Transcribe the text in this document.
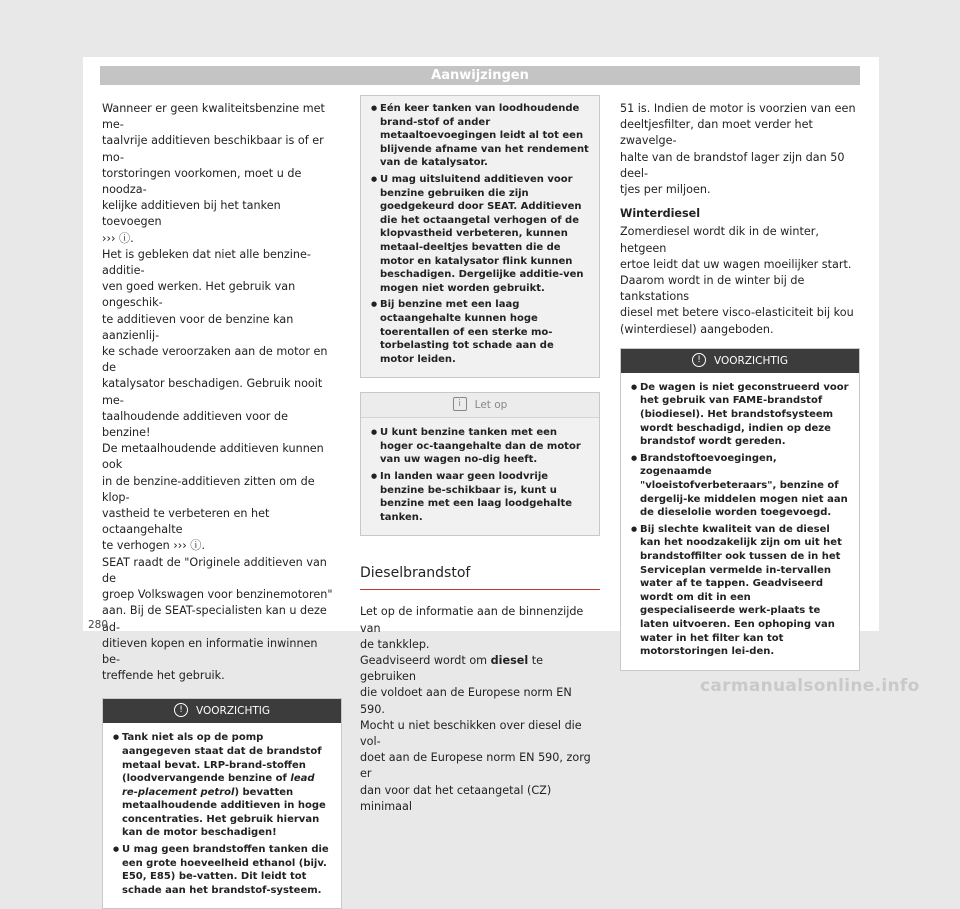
Aanwijzingen

Wanneer er geen kwaliteitsbenzine met me-
taalvrije additieven beschikbaar is of er mo-
torstoringen voorkomen, moet u de noodza-
kelijke additieven bij het tanken toevoegen
››› ⓘ.

Het is gebleken dat niet alle benzine-additie-
ven goed werken. Het gebruik van ongeschik-
te additieven voor de benzine kan aanzienlij-
ke schade veroorzaken aan de motor en de
katalysator beschadigen. Gebruik nooit me-
taalhoudende additieven voor de benzine!
De metaalhoudende additieven kunnen ook
in de benzine-additieven zitten om de klop-
vastheid te verbeteren en het octaangehalte
te verhogen ››› ⓘ.

SEAT raadt de "Originele additieven van de
groep Volkswagen voor benzinemotoren"
aan. Bij de SEAT-specialisten kan u deze ad-
ditieven kopen en informatie inwinnen be-
treffende het gebruik.

! VOORZICHTIG
● Tank niet als op de pomp aangegeven staat dat de brandstof metaal bevat. LRP-brand-stoffen (loodvervangende benzine of lead re-placement petrol) bevatten metaalhoudende additieven in hoge concentraties. Het gebruik hiervan kan de motor beschadigen!
● U mag geen brandstoffen tanken die een grote hoeveelheid ethanol (bijv. E50, E85) be-vatten. Dit leidt tot schade aan het brandstof-systeem.
● Eén keer tanken van loodhoudende brand-stof of ander metaaltoevoegingen leidt al tot een blijvende afname van het rendement van de katalysator.
● U mag uitsluitend additieven voor benzine gebruiken die zijn goedgekeurd door SEAT. Additieven die het octaangetal verhogen of de klopvastheid verbeteren, kunnen metaal-deeltjes bevatten die de motor en katalysator flink kunnen beschadigen. Dergelijke additie-ven mogen niet worden gebruikt.
● Bij benzine met een laag octaangehalte kunnen hoge toerentallen of een sterke mo-torbelasting tot schade aan de motor leiden.
i Let op
● U kunt benzine tanken met een hoger oc-taangehalte dan de motor van uw wagen no-dig heeft.
● In landen waar geen loodvrije benzine be-schikbaar is, kunt u benzine met een laag loodgehalte tanken.
Dieselbrandstof

Let op de informatie aan de binnenzijde van
de tankklep.

Geadviseerd wordt om diesel te gebruiken
die voldoet aan de Europese norm EN 590.
Mocht u niet beschikken over diesel die vol-
doet aan de Europese norm EN 590, zorg er
dan voor dat het cetaangetal (CZ) minimaal

51 is. Indien de motor is voorzien van een
deeltjesfilter, dan moet verder het zwavelge-
halte van de brandstof lager zijn dan 50 deel-
tjes per miljoen.

Winterdiesel

Zomerdiesel wordt dik in de winter, hetgeen
ertoe leidt dat uw wagen moeilijker start.
Daarom wordt in de winter bij de tankstations
diesel met betere visco-elasticiteit bij kou
(winterdiesel) aangeboden.

! VOORZICHTIG
● De wagen is niet geconstrueerd voor het gebruik van FAME-brandstof (biodiesel). Het brandstofsysteem wordt beschadigd, indien op deze brandstof wordt gereden.
● Brandstoftoevoegingen, zogenaamde "vloeistofverbeteraars", benzine of dergelij-ke middelen mogen niet aan de dieselolie worden toegevoegd.
● Bij slechte kwaliteit van de diesel kan het noodzakelijk zijn om uit het brandstoffilter ook tussen de in het Serviceplan vermelde in-tervallen water af te tappen. Geadviseerd wordt om dit in een gespecialiseerde werk-plaats te laten uitvoeren. Een ophoping van water in het filter kan tot motorstoringen lei-den.
280
carmanualsonline.info
